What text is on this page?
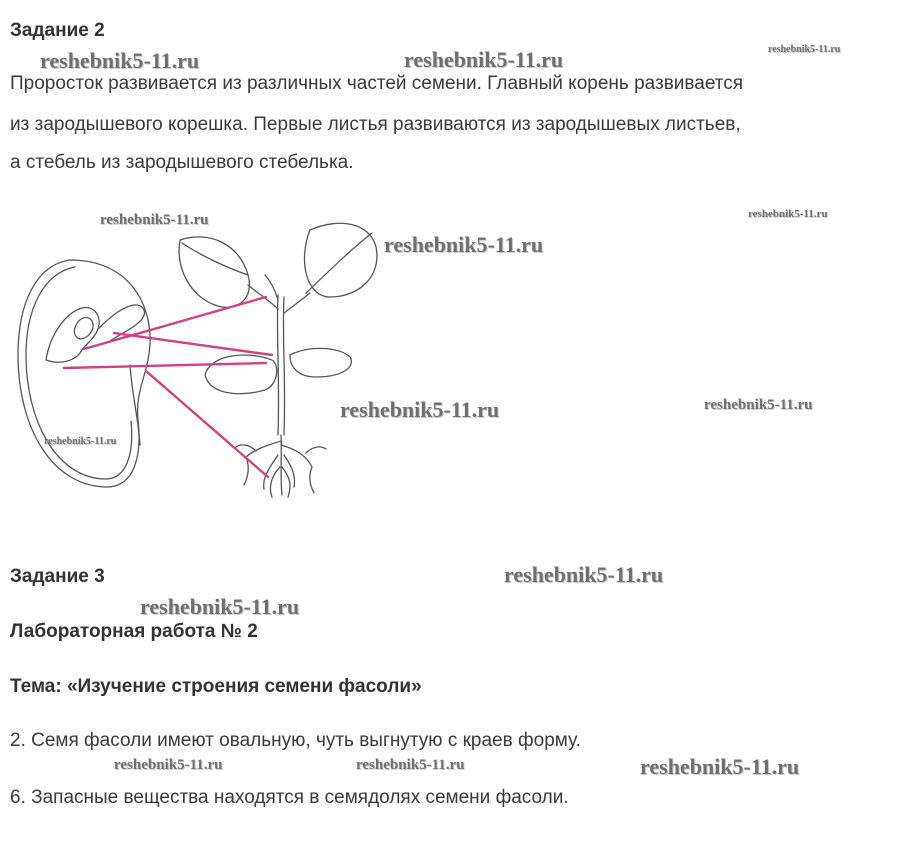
Задание 2
Проросток развивается из различных частей семени. Главный корень развивается
из зародышевого корешка. Первые листья развиваются из зародышевых листьев,
а стебель из зародышевого стебелька.
Задание 3
Лабораторная работа № 2
Тема: «Изучение строения семени фасоли»
2. Семя фасоли имеют овальную, чуть выгнутую с краев форму.
6. Запасные вещества находятся в семядолях семени фасоли.
reshebnik5-11.ru	reshebnik5-11.ru	reshebnik5-11.ru
reshebnik5-11.ru	reshebnik5-11.ru
reshebnik5-11.ru
reshebnik5-11.ru	reshebnik5-11.ru
reshebnik5-11.ru
reshebnik5-11.ru
reshebnik5-11.ru
reshebnik5-11.ru	reshebnik5-11.ru	reshebnik5-11.ru
